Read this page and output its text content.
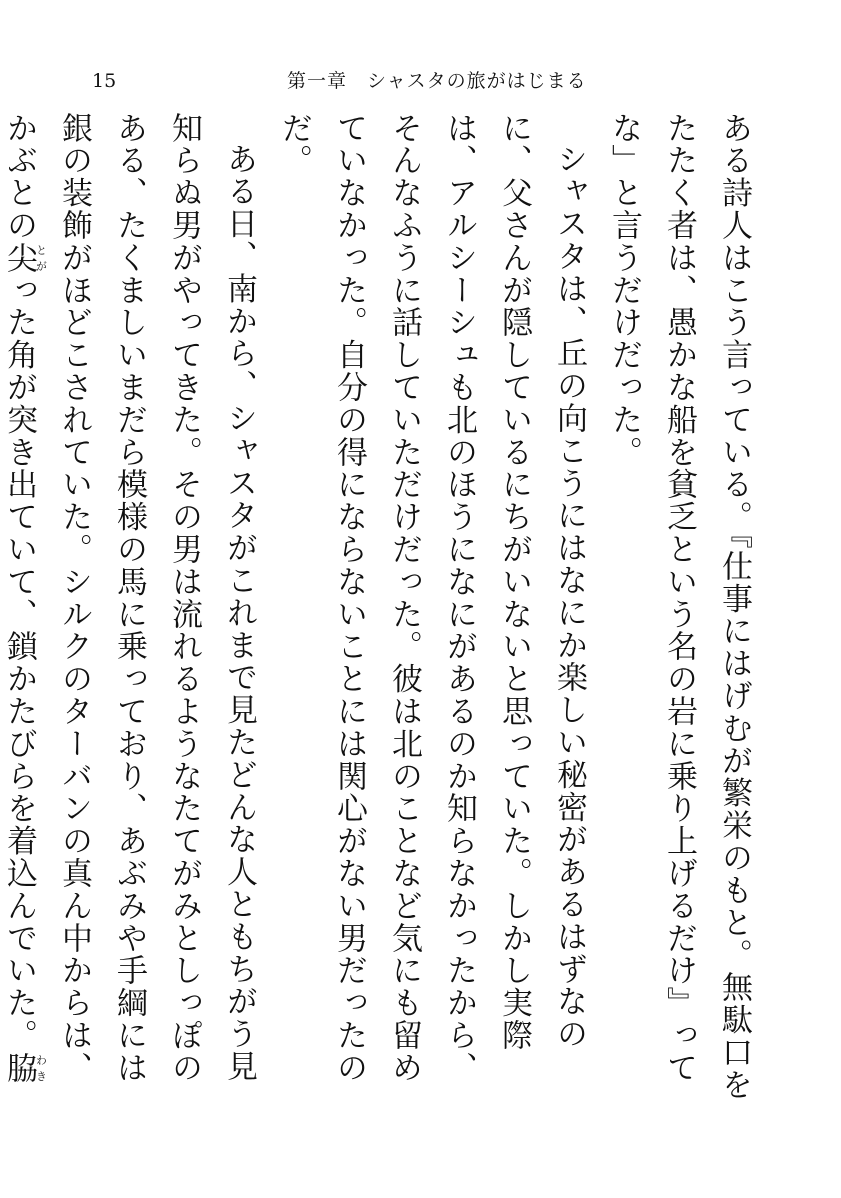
15	第一章　シャスタの旅がはじまる

ある詩人はこう言っている。『仕事にはげむが繁栄のもと。無駄口をたたく者は、愚かな船を貧乏という名の岩に乗り上げるだけ』ってな」と言うだけだった。

シャスタは、丘の向こうにはなにか楽しい秘密があるはずなのに、父さんが隠しているにちがいないと思っていた。しかし実際は、アルシーシュも北のほうになにがあるのか知らなかったから、そんなふうに話していただけだった。彼は北のことなど気にも留めていなかった。自分の得にならないことには関心がない男だったのだ。

ある日、南から、シャスタがこれまで見たどんな人ともちがう見知らぬ男がやってきた。その男は流れるようなたてがみとしっぽのある、たくましいまだら模様の馬に乗っており、あぶみや手綱には銀の装飾がほどこされていた。シルクのターバンの真ん中からは、かぶとの尖とがった角が突き出ていて、鎖かたびらを着込んでいた。脇わき
